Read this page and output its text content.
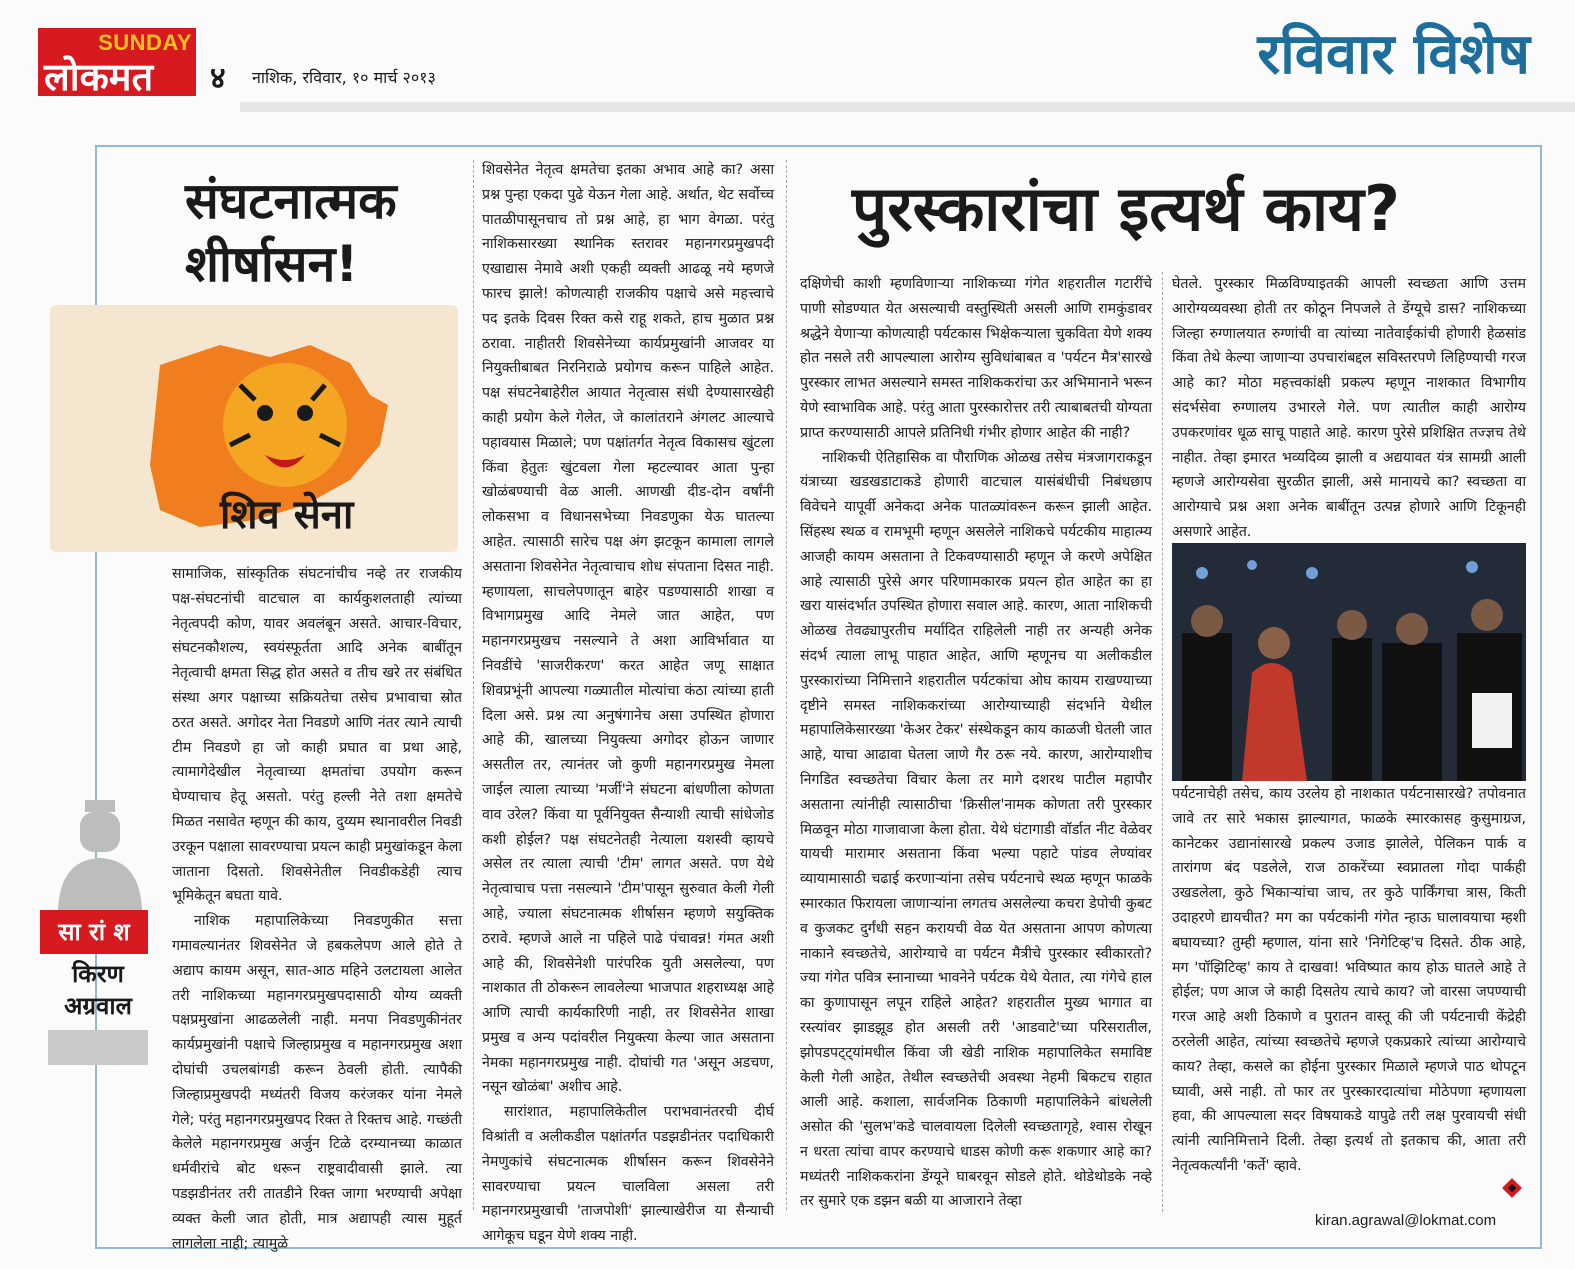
SUNDAY
लोकमत ४ नाशिक, रविवार, १० मार्च २०१३	रविवार विशेष
संघटनात्मक शीर्षासन!
शिव सेना
सा रां श
किरण अग्रवाल

सामाजिक, सांस्कृतिक संघटनांचीच नव्हे तर राजकीय पक्ष-संघटनांची वाटचाल वा कार्यकुशलताही त्यांच्या नेतृत्वपदी कोण, यावर अवलंबून असते. आचार-विचार, संघटनकौशल्य, स्वयंस्फूर्तता आदि अनेक बाबींतून नेतृत्वाची क्षमता सिद्ध होत असते व तीच खरे तर संबंधित संस्था अगर पक्षाच्या सक्रियतेचा तसेच प्रभावाचा स्रोत ठरत असते. अगोदर नेता निवडणे आणि नंतर त्याने त्याची टीम निवडणे हा जो काही प्रघात वा प्रथा आहे, त्यामागेदेखील नेतृत्वाच्या क्षमतांचा उपयोग करून घेण्याचाच हेतू असतो. परंतु हल्ली नेते तशा क्षमतेचे मिळत नसावेत म्हणून की काय, दुय्यम स्थानावरील निवडी उरकून पक्षाला सावरण्याचा प्रयत्न काही प्रमुखांकडून केला जाताना दिसतो. शिवसेनेतील निवडीकडेही त्याच भूमिकेतून बघता यावे.

नाशिक महापालिकेच्या निवडणुकीत सत्ता गमावल्यानंतर शिवसेनेत जे हबकलेपण आले होते ते अद्याप कायम असून, सात-आठ महिने उलटायला आलेत तरी नाशिकच्या महानगरप्रमुखपदासाठी योग्य व्यक्ती पक्षप्रमुखांना आढळलेली नाही. मनपा निवडणुकीनंतर कार्यप्रमुखांनी पक्षाचे जिल्हाप्रमुख व महानगरप्रमुख अशा दोघांची उचलबांगडी करून ठेवली होती. त्यापैकी जिल्हाप्रमुखपदी मध्यंतरी विजय करंजकर यांना नेमले गेले; परंतु महानगरप्रमुखपद रिक्त ते रिक्तच आहे. गच्छंती केलेले महानगरप्रमुख अर्जुन टिळे दरम्यानच्या काळात धर्मवीरांचे बोट धरून राष्ट्रवादीवासी झाले. त्या पडझडीनंतर तरी तातडीने रिक्त जागा भरण्याची अपेक्षा व्यक्त केली जात होती, मात्र अद्यापही त्यास मुहूर्त लागलेला नाही; त्यामुळे

शिवसेनेत नेतृत्व क्षमतेचा इतका अभाव आहे का? असा प्रश्न पुन्हा एकदा पुढे येऊन गेला आहे. अर्थात, थेट सर्वोच्च पातळीपासूनचाच तो प्रश्न आहे, हा भाग वेगळा. परंतु नाशिकसारख्या स्थानिक स्तरावर महानगरप्रमुखपदी एखाद्यास नेमावे अशी एकही व्यक्ती आढळू नये म्हणजे फारच झाले! कोणत्याही राजकीय पक्षाचे असे महत्त्वाचे पद इतके दिवस रिक्त कसे राहू शकते, हाच मुळात प्रश्न ठरावा. नाहीतरी शिवसेनेच्या कार्यप्रमुखांनी आजवर या नियुक्तीबाबत निरनिराळे प्रयोगच करून पाहिले आहेत. पक्ष संघटनेबाहेरील आयात नेतृत्वास संधी देण्यासारखेही काही प्रयोग केले गेलेत, जे कालांतराने अंगलट आल्याचे पहावयास मिळाले; पण पक्षांतर्गत नेतृत्व विकासच खुंटला किंवा हेतुतः खुंटवला गेला म्हटल्यावर आता पुन्हा खोळंबण्याची वेळ आली. आणखी दीड-दोन वर्षांनी लोकसभा व विधानसभेच्या निवडणुका येऊ घातल्या आहेत. त्यासाठी सारेच पक्ष अंग झटकून कामाला लागले असताना शिवसेनेत नेतृत्वाचाच शोध संपताना दिसत नाही. म्हणायला, साचलेपणातून बाहेर पडण्यासाठी शाखा व विभागप्रमुख आदि नेमले जात आहेत, पण महानगरप्रमुखच नसल्याने ते अशा आविर्भावात या निवडींचे 'साजरीकरण' करत आहेत जणू साक्षात शिवप्रभूंनी आपल्या गळ्यातील मोत्यांचा कंठा त्यांच्या हाती दिला असे. प्रश्न त्या अनुषंगानेच असा उपस्थित होणारा आहे की, खालच्या नियुक्त्या अगोदर होऊन जाणार असतील तर, त्यानंतर जो कुणी महानगरप्रमुख नेमला जाईल त्याला त्याच्या 'मर्जी'ने संघटना बांधणीला कोणता वाव उरेल? किंवा या पूर्वनियुक्त सैन्याशी त्याची सांधेजोड कशी होईल? पक्ष संघटनेतही नेत्याला यशस्वी व्हायचे असेल तर त्याला त्याची 'टीम' लागत असते. पण येथे नेतृत्वाचाच पत्ता नसल्याने 'टीम'पासून सुरुवात केली गेली आहे, ज्याला संघटनात्मक शीर्षासन म्हणणे सयुक्तिक ठरावे. म्हणजे आले ना पहिले पाढे पंचावन्न! गंमत अशी आहे की, शिवसेनेशी पारंपरिक युती असलेल्या, पण नाशकात ती ठोकरून लावलेल्या भाजपात शहराध्यक्ष आहे आणि त्याची कार्यकारिणी नाही, तर शिवसेनेत शाखा प्रमुख व अन्य पदांवरील नियुक्त्या केल्या जात असताना नेमका महानगरप्रमुख नाही. दोघांची गत 'असून अडचण, नसून खोळंबा' अशीच आहे.

सारांशात, महापालिकेतील पराभवानंतरची दीर्घ विश्रांती व अलीकडील पक्षांतर्गत पडझडीनंतर पदाधिकारी नेमणुकांचे संघटनात्मक शीर्षासन करून शिवसेनेने सावरण्याचा प्रयत्न चालविला असला तरी महानगरप्रमुखाची 'ताजपोशी' झाल्याखेरीज या सैन्याची आगेकूच घडून येणे शक्य नाही.

पुरस्कारांचा इत्यर्थ काय?

दक्षिणेची काशी म्हणविणाऱ्या नाशिकच्या गंगेत शहरातील गटारींचे पाणी सोडण्यात येत असल्याची वस्तुस्थिती असली आणि रामकुंडावर श्रद्धेने येणाऱ्या कोणत्याही पर्यटकास भिक्षेकऱ्याला चुकविता येणे शक्य होत नसले तरी आपल्याला आरोग्य सुविधांबाबत व 'पर्यटन मैत्र'सारखे पुरस्कार लाभत असल्याने समस्त नाशिककरांचा ऊर अभिमानाने भरून येणे स्वाभाविक आहे. परंतु आता पुरस्कारोत्तर तरी त्याबाबतची योग्यता प्राप्त करण्यासाठी आपले प्रतिनिधी गंभीर होणार आहेत की नाही?

नाशिकची ऐतिहासिक वा पौराणिक ओळख तसेच मंत्रजागराकडून यंत्राच्या खडखडाटाकडे होणारी वाटचाल यासंबंधीची निबंधछाप विवेचने यापूर्वी अनेकदा अनेक पातळ्यांवरून करून झाली आहेत. सिंहस्थ स्थळ व रामभूमी म्हणून असलेले नाशिकचे पर्यटकीय माहात्म्य आजही कायम असताना ते टिकवण्यासाठी म्हणून जे करणे अपेक्षित आहे त्यासाठी पुरेसे अगर परिणामकारक प्रयत्न होत आहेत का हा खरा यासंदर्भात उपस्थित होणारा सवाल आहे. कारण, आता नाशिकची ओळख तेवढ्यापुरतीच मर्यादित राहिलेली नाही तर अन्यही अनेक संदर्भ त्याला लाभू पाहात आहेत, आणि म्हणूनच या अलीकडील पुरस्कारांच्या निमित्ताने शहरातील पर्यटकांचा ओघ कायम राखण्याच्या दृष्टीने समस्त नाशिककरांच्या आरोग्याच्याही संदर्भाने येथील महापालिकेसारख्या 'केअर टेकर' संस्थेकडून काय काळजी घेतली जात आहे, याचा आढावा घेतला जाणे गैर ठरू नये. कारण, आरोग्याशीच निगडित स्वच्छतेचा विचार केला तर मागे दशरथ पाटील महापौर असताना त्यांनीही त्यासाठीचा 'क्रिसील'नामक कोणता तरी पुरस्कार मिळवून मोठा गाजावाजा केला होता. येथे घंटागाडी वॉर्डात नीट वेळेवर यायची मारामार असताना किंवा भल्या पहाटे पांडव लेण्यांवर व्यायामासाठी चढाई करणाऱ्यांना तसेच पर्यटनाचे स्थळ म्हणून फाळके स्मारकात फिरायला जाणाऱ्यांना लगतच असलेल्या कचरा डेपोची कुबट व कुजकट दुर्गंधी सहन करायची वेळ येत असताना आपण कोणत्या नाकाने स्वच्छतेचे, आरोग्याचे वा पर्यटन मैत्रीचे पुरस्कार स्वीकारतो? ज्या गंगेत पवित्र स्नानाच्या भावनेने पर्यटक येथे येतात, त्या गंगेचे हाल का कुणापासून लपून राहिले आहेत? शहरातील मुख्य भागात वा रस्त्यांवर झाडझूड होत असली तरी 'आडवाटे'च्या परिसरातील, झोपडपट्ट्यांमधील किंवा जी खेडी नाशिक महापालिकेत समाविष्ट केली गेली आहेत, तेथील स्वच्छतेची अवस्था नेहमी बिकटच राहात आली आहे. कशाला, सार्वजनिक ठिकाणी महापालिकेने बांधलेली असोत की 'सुलभ'कडे चालवायला दिलेली स्वच्छतागृहे, श्वास रोखून न धरता त्यांचा वापर करण्याचे धाडस कोणी करू शकणार आहे का? मध्यंतरी नाशिककरांना डेंग्यूने घाबरवून सोडले होते. थोडेथोडके नव्हे तर सुमारे एक डझन बळी या आजाराने तेव्हा

घेतले. पुरस्कार मिळविण्याइतकी आपली स्वच्छता आणि उत्तम आरोग्यव्यवस्था होती तर कोठून निपजले ते डेंग्यूचे डास? नाशिकच्या जिल्हा रुग्णालयात रुग्णांची वा त्यांच्या नातेवाईकांची होणारी हेळसांड किंवा तेथे केल्या जाणाऱ्या उपचारांबद्दल सविस्तरपणे लिहिण्याची गरज आहे का? मोठा महत्त्वकांक्षी प्रकल्प म्हणून नाशकात विभागीय संदर्भसेवा रुग्णालय उभारले गेले. पण त्यातील काही आरोग्य उपकरणांवर धूळ साचू पाहाते आहे. कारण पुरेसे प्रशिक्षित तज्ज्ञच तेथे नाहीत. तेव्हा इमारत भव्यदिव्य झाली व अद्ययावत यंत्र सामग्री आली म्हणजे आरोग्यसेवा सुरळीत झाली, असे मानायचे का? स्वच्छता वा आरोग्याचे प्रश्न अशा अनेक बाबींतून उत्पन्न होणारे आणि टिकूनही असणारे आहेत.

पर्यटनाचेही तसेच, काय उरलेय हो नाशकात पर्यटनासारखे? तपोवनात जावे तर सारे भकास झाल्यागत, फाळके स्मारकासह कुसुमाग्रज, कानेटकर उद्यानांसारखे प्रकल्प उजाड झालेले, पेलिकन पार्क व तारांगण बंद पडलेले, राज ठाकरेंच्या स्वप्नातला गोदा पार्कही उखडलेला, कुठे भिकाऱ्यांचा जाच, तर कुठे पार्किंगचा त्रास, किती उदाहरणे द्यायचीत? मग का पर्यटकांनी गंगेत न्हाऊ घालावयाचा म्हशी बघायच्या? तुम्ही म्हणाल, यांना सारे 'निगेटिव्ह'च दिसते. ठीक आहे, मग 'पॉझिटिव्ह' काय ते दाखवा! भविष्यात काय होऊ घातले आहे ते होईल; पण आज जे काही दिसतेय त्याचे काय? जो वारसा जपण्याची गरज आहे अशी ठिकाणे व पुरातन वास्तू की जी पर्यटनाची केंद्रेही ठरलेली आहेत, त्यांच्या स्वच्छतेचे म्हणजे एकप्रकारे त्यांच्या आरोग्याचे काय? तेव्हा, कसले का होईना पुरस्कार मिळाले म्हणजे पाठ थोपटून घ्यावी, असे नाही. तो फार तर पुरस्कारदात्यांचा मोठेपणा म्हणायला हवा, की आपल्याला सदर विषयाकडे यापुढे तरी लक्ष पुरवायची संधी त्यांनी त्यानिमित्ताने दिली. तेव्हा इत्यर्थ तो इतकाच की, आता तरी नेतृत्वकर्त्यांनी 'कर्ते' व्हावे.

kiran.agrawal@lokmat.com
